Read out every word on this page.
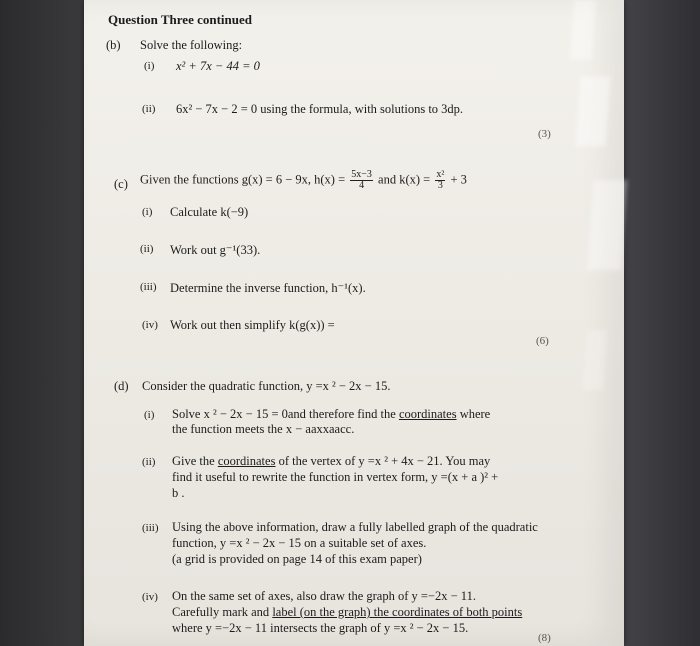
Question Three continued
(b) Solve the following:
(i) x² + 7x − 44 = 0
(ii) 6x² − 7x − 2 = 0 using the formula, with solutions to 3dp.
(3)
(c) Given the functions g(x) = 6 − 9x, $h(x) = \frac{5x-3}{4}$ and $k(x) = \frac{\text{x²}}{3} + 3$
(i) Calculate k(−9)
(ii) Work out g⁻¹(33).
(iii) Determine the inverse function, h⁻¹(x).
(iv) Work out then simplify k(g(x)) =
(6)
(d) Consider the quadratic function, y =x ² − 2x − 15.
(i) Solve x ² − 2x − 15 = 0and therefore find the coordinates where
the function meets the x − aaxxaacc.
(ii) Give the coordinates of the vertex of y =x ² + 4x − 21. You may
find it useful to rewrite the function in vertex form, y =(x + a )² +
b .
(iii) Using the above information, draw a fully labelled graph of the quadratic
function, y =x ² − 2x − 15 on a suitable set of axes.
(a grid is provided on page 14 of this exam paper)
(iv) On the same set of axes, also draw the graph of y =−2x − 11.
Carefully mark and label (on the graph) the coordinates of both points
where y =−2x − 11 intersects the graph of y =x ² − 2x − 15.
(8)
